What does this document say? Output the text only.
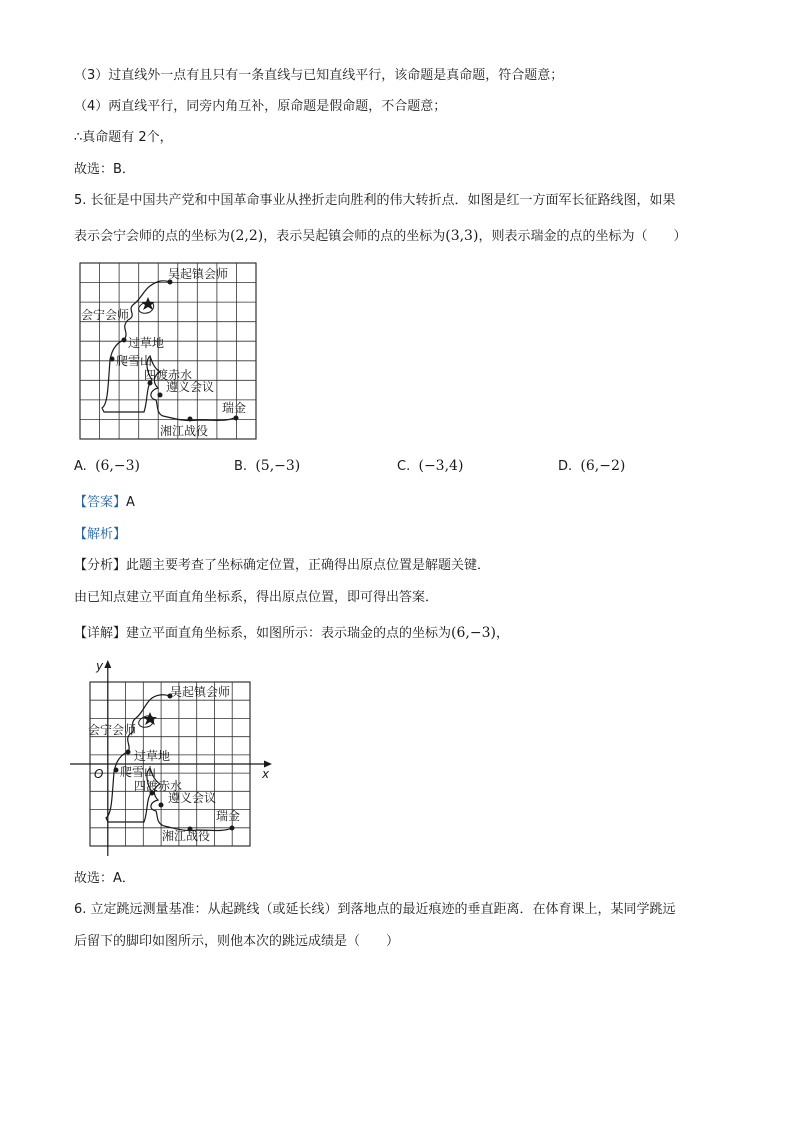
（3）过直线外一点有且只有一条直线与已知直线平行，该命题是真命题，符合题意；
（4）两直线平行，同旁内角互补，原命题是假命题，不合题意；
∴真命题有 2个，
故选：B．
5. 长征是中国共产党和中国革命事业从挫折走向胜利的伟大转折点．如图是红一方面军长征路线图，如果
表示会宁会师的点的坐标为(2,2)，表示吴起镇会师的点的坐标为(3,3)，则表示瑞金的点的坐标为（　　）
吴起镇会师
会宁会师
过草地
爬雪山
四渡赤水
遵义会议
瑞金
湘江战役
A. (6,−3)	B. (5,−3)	C. (−3,4)	D. (6,−2)
【答案】A
【解析】
【分析】此题主要考查了坐标确定位置，正确得出原点位置是解题关键．
由已知点建立平面直角坐标系，得出原点位置，即可得出答案．
【详解】建立平面直角坐标系，如图所示：表示瑞金的点的坐标为(6,−3)，
x
y
O
吴起镇会师
会宁会师
过草地
爬雪山
四渡赤水
遵义会议
瑞金
湘江战役
故选：A．
6. 立定跳远测量基准：从起跳线（或延长线）到落地点的最近痕迹的垂直距离．在体育课上，某同学跳远
后留下的脚印如图所示，则他本次的跳远成绩是（　　）
